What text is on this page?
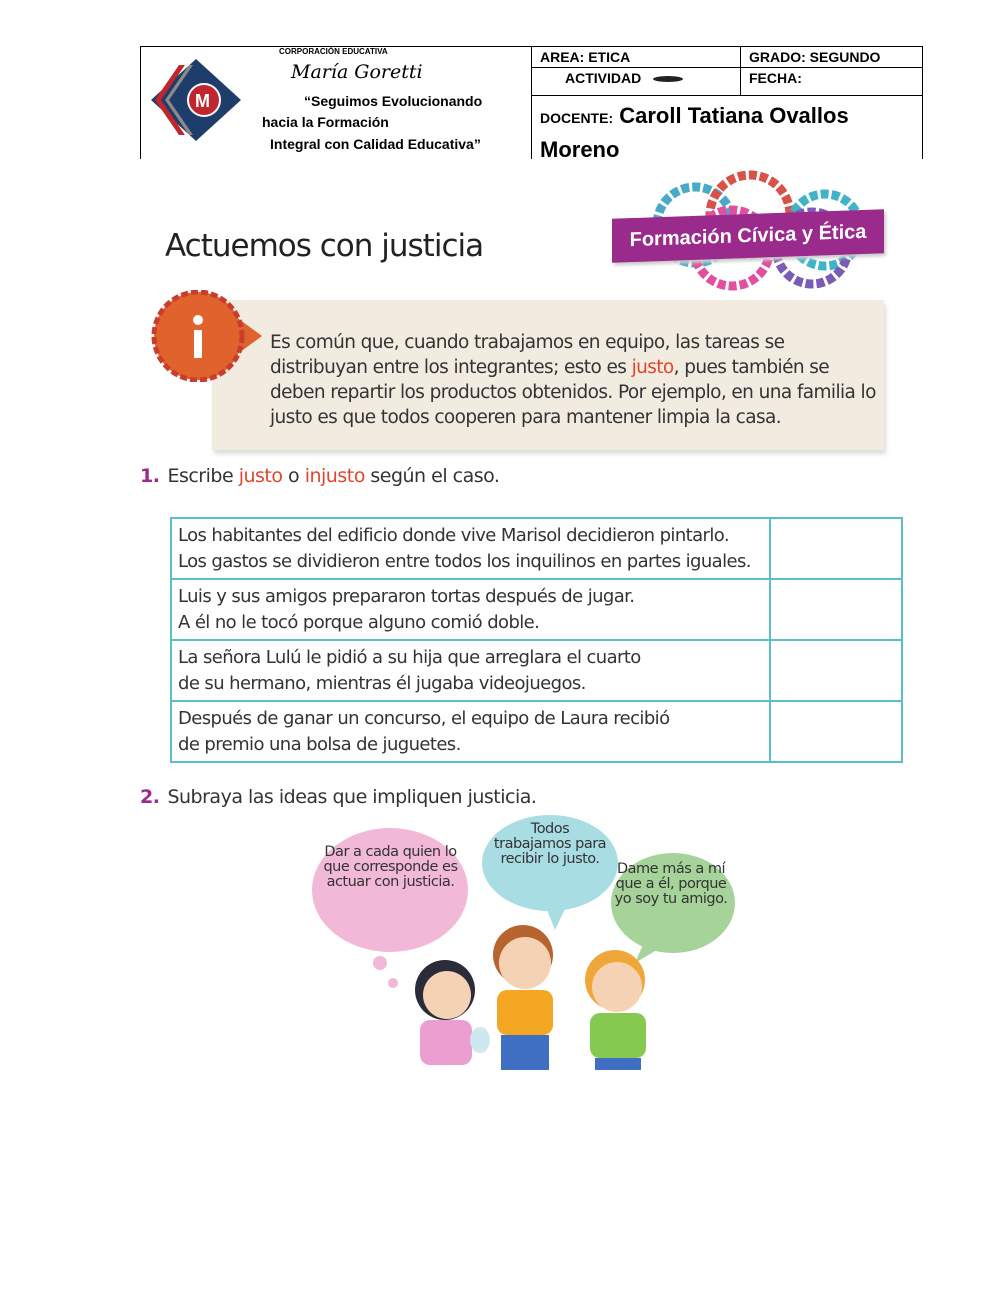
M
CORPORACIÓN EDUCATIVA
María Goretti
“Seguimos Evolucionando
hacia la Formación
Integral con Calidad Educativa”
AREA: ETICA	GRADO: SEGUNDO
ACTIVIDAD	FECHA:
DOCENTE: Caroll Tatiana Ovallos Moreno
Formación Cívica y Ética
Actuemos con justicia

Es común que, cuando trabajamos en equipo, las tareas se distribuyan entre los integrantes; esto es justo, pues también se deben repartir los productos obtenidos. Por ejemplo, en una familia lo justo es que todos cooperen para mantener limpia la casa.

1. Escribe justo o injusto según el caso.
Los habitantes del edificio donde vive Marisol decidieron pintarlo.
Los gastos se dividieron entre todos los inquilinos en partes iguales.	
Luis y sus amigos prepararon tortas después de jugar.
A él no le tocó porque alguno comió doble.	
La señora Lulú le pidió a su hija que arreglara el cuarto
de su hermano, mientras él jugaba videojuegos.	
Después de ganar un concurso, el equipo de Laura recibió
de premio una bolsa de juguetes.	
2. Subraya las ideas que impliquen justicia.
Dar a cada quien lo que corresponde es actuar con justicia.
Todos trabajamos para recibir lo justo.
Dame más a mí que a él, porque yo soy tu amigo.
